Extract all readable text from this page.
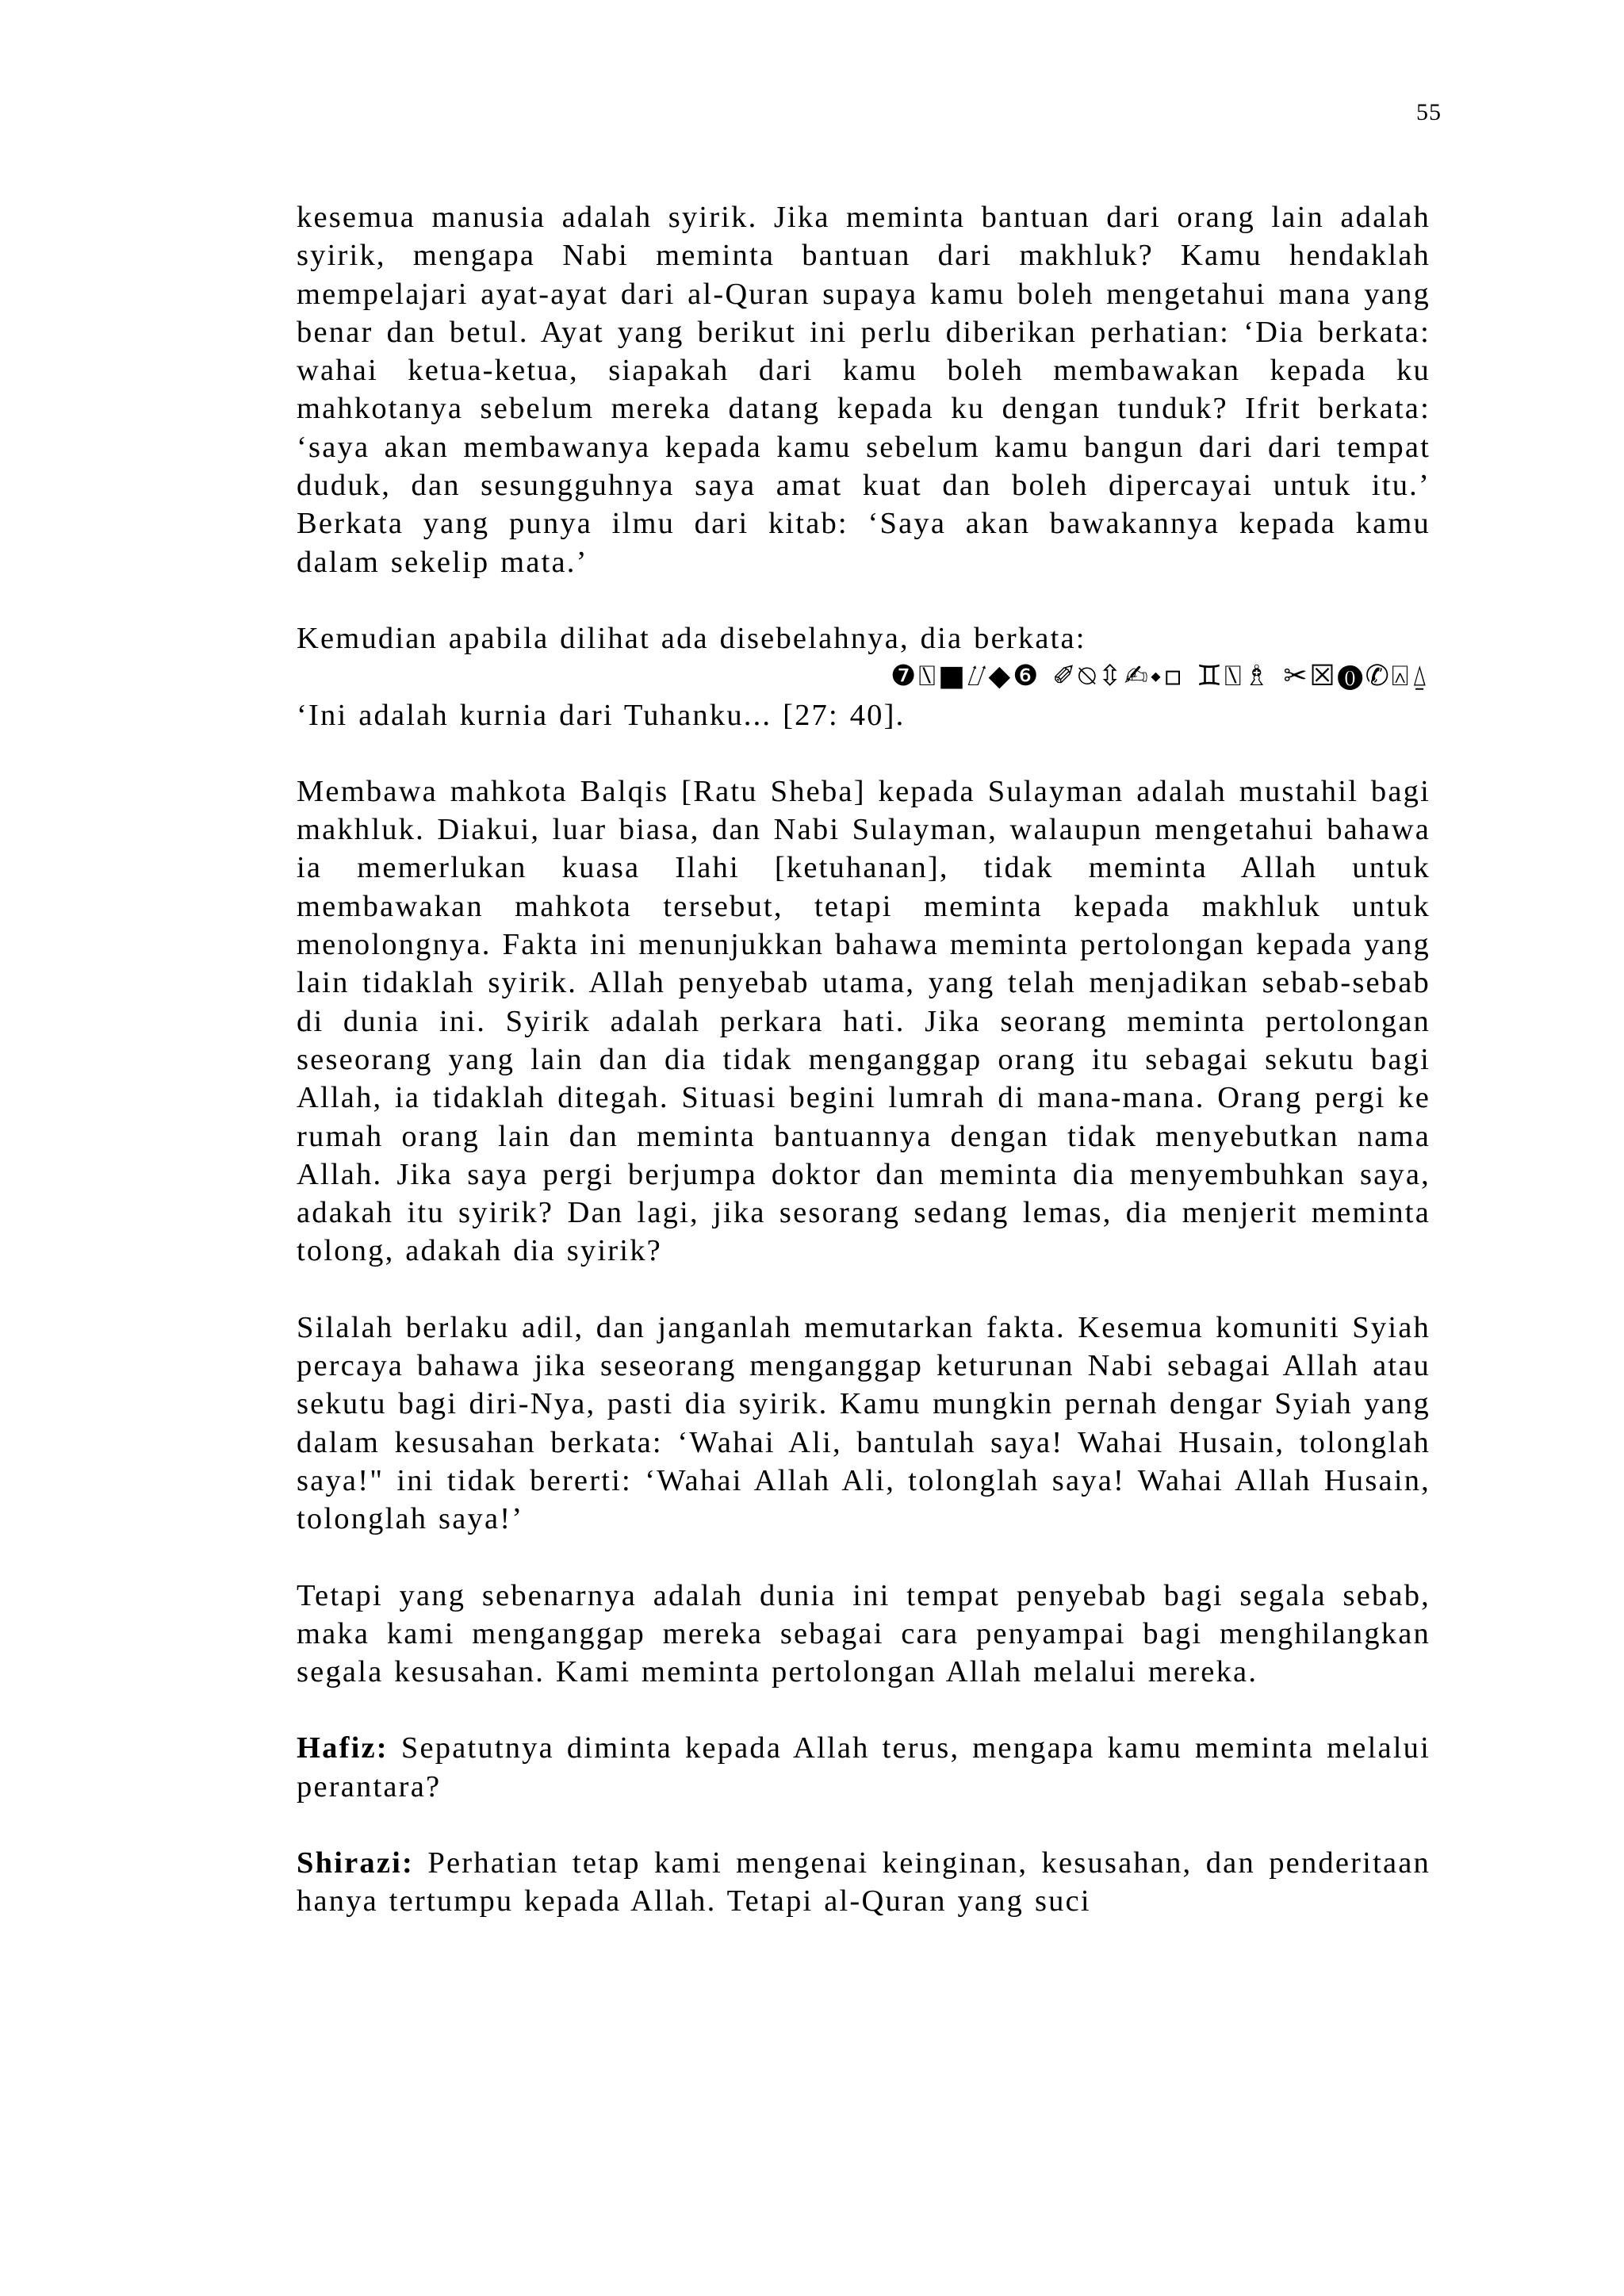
55

kesemua manusia adalah syirik. Jika meminta bantuan dari orang lain adalah syirik, mengapa Nabi meminta bantuan dari makhluk? Kamu hendaklah mempelajari ayat-ayat dari al-Quran supaya kamu boleh mengetahui mana yang benar dan betul. Ayat yang berikut ini perlu diberikan perhatian: ‘Dia berkata: wahai ketua-ketua, siapakah dari kamu boleh membawakan kepada ku mahkotanya sebelum mereka datang kepada ku dengan tunduk? Ifrit berkata: ‘saya akan membawanya kepada kamu sebelum kamu bangun dari dari tempat duduk, dan sesungguhnya saya amat kuat dan boleh dipercayai untuk itu.’ Berkata yang punya ilmu dari kitab: ‘Saya akan bawakannya kepada kamu dalam sekelip mata.’

Kemudian apabila dilihat ada disebelahnya, dia berkata:

❼⍂■⌰◆❻ ✐⍉⇳✍⬩▫ ♊⍂♗ ✂☒⓿✆⍓⍙

‘Ini adalah kurnia dari Tuhanku... [27: 40].

Membawa mahkota Balqis [Ratu Sheba] kepada Sulayman adalah mustahil bagi makhluk. Diakui, luar biasa, dan Nabi Sulayman, walaupun mengetahui bahawa ia memerlukan kuasa Ilahi [ketuhanan], tidak meminta Allah untuk membawakan mahkota tersebut, tetapi meminta kepada makhluk untuk menolongnya. Fakta ini menunjukkan bahawa meminta pertolongan kepada yang lain tidaklah syirik. Allah penyebab utama, yang telah menjadikan sebab-sebab di dunia ini. Syirik adalah perkara hati. Jika seorang meminta pertolongan seseorang yang lain dan dia tidak menganggap orang itu sebagai sekutu bagi Allah, ia tidaklah ditegah. Situasi begini lumrah di mana-mana. Orang pergi ke rumah orang lain dan meminta bantuannya dengan tidak menyebutkan nama Allah. Jika saya pergi berjumpa doktor dan meminta dia menyembuhkan saya, adakah itu syirik? Dan lagi, jika sesorang sedang lemas, dia menjerit meminta tolong, adakah dia syirik?

Silalah berlaku adil, dan janganlah memutarkan fakta. Kesemua komuniti Syiah percaya bahawa jika seseorang menganggap keturunan Nabi sebagai Allah atau sekutu bagi diri-Nya, pasti dia syirik. Kamu mungkin pernah dengar Syiah yang dalam kesusahan berkata: ‘Wahai Ali, bantulah saya! Wahai Husain, tolonglah saya!" ini tidak bererti: ‘Wahai Allah Ali, tolonglah saya! Wahai Allah Husain, tolonglah saya!’

Tetapi yang sebenarnya adalah dunia ini tempat penyebab bagi segala sebab, maka kami menganggap mereka sebagai cara penyampai bagi menghilangkan segala kesusahan. Kami meminta pertolongan Allah melalui mereka.

Hafiz: Sepatutnya diminta kepada Allah terus, mengapa kamu meminta melalui perantara?

Shirazi: Perhatian tetap kami mengenai keinginan, kesusahan, dan penderitaan hanya tertumpu kepada Allah. Tetapi al-Quran yang suci
